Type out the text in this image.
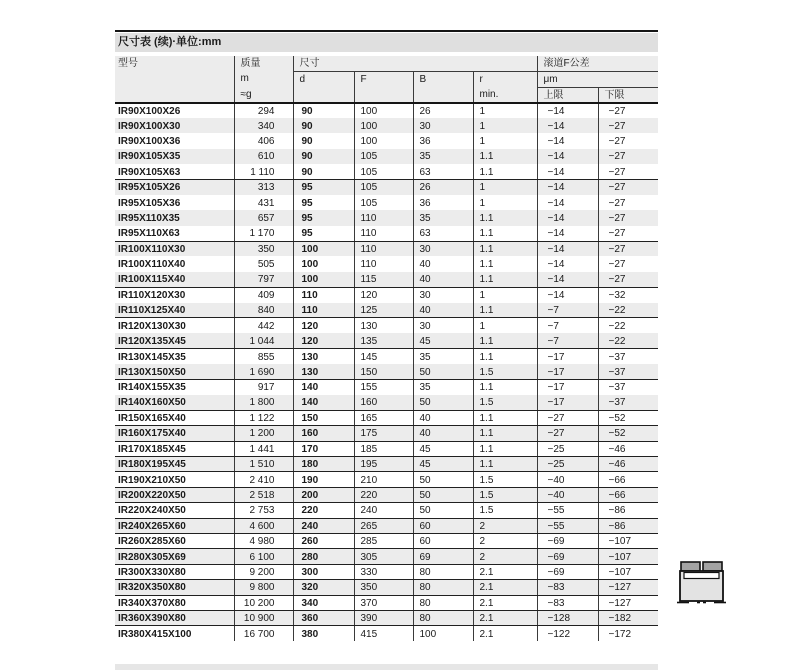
尺寸表 (续)·单位:mm
型号	质量	尺寸				滚道F公差	
	m	d	F	B	r	μm	
	≈g				min.	上限	下限
IR90X100X26	294	90	100	26	1	−14	−27
IR90X100X30	340	90	100	30	1	−14	−27
IR90X100X36	406	90	100	36	1	−14	−27
IR90X105X35	610	90	105	35	1.1	−14	−27
IR90X105X63	1 110	90	105	63	1.1	−14	−27
IR95X105X26	313	95	105	26	1	−14	−27
IR95X105X36	431	95	105	36	1	−14	−27
IR95X110X35	657	95	110	35	1.1	−14	−27
IR95X110X63	1 170	95	110	63	1.1	−14	−27
IR100X110X30	350	100	110	30	1.1	−14	−27
IR100X110X40	505	100	110	40	1.1	−14	−27
IR100X115X40	797	100	115	40	1.1	−14	−27
IR110X120X30	409	110	120	30	1	−14	−32
IR110X125X40	840	110	125	40	1.1	−7	−22
IR120X130X30	442	120	130	30	1	−7	−22
IR120X135X45	1 044	120	135	45	1.1	−7	−22
IR130X145X35	855	130	145	35	1.1	−17	−37
IR130X150X50	1 690	130	150	50	1.5	−17	−37
IR140X155X35	917	140	155	35	1.1	−17	−37
IR140X160X50	1 800	140	160	50	1.5	−17	−37
IR150X165X40	1 122	150	165	40	1.1	−27	−52
IR160X175X40	1 200	160	175	40	1.1	−27	−52
IR170X185X45	1 441	170	185	45	1.1	−25	−46
IR180X195X45	1 510	180	195	45	1.1	−25	−46
IR190X210X50	2 410	190	210	50	1.5	−40	−66
IR200X220X50	2 518	200	220	50	1.5	−40	−66
IR220X240X50	2 753	220	240	50	1.5	−55	−86
IR240X265X60	4 600	240	265	60	2	−55	−86
IR260X285X60	4 980	260	285	60	2	−69	−107
IR280X305X69	6 100	280	305	69	2	−69	−107
IR300X330X80	9 200	300	330	80	2.1	−69	−107
IR320X350X80	9 800	320	350	80	2.1	−83	−127
IR340X370X80	10 200	340	370	80	2.1	−83	−127
IR360X390X80	10 900	360	390	80	2.1	−128	−182
IR380X415X100	16 700	380	415	100	2.1	−122	−172
